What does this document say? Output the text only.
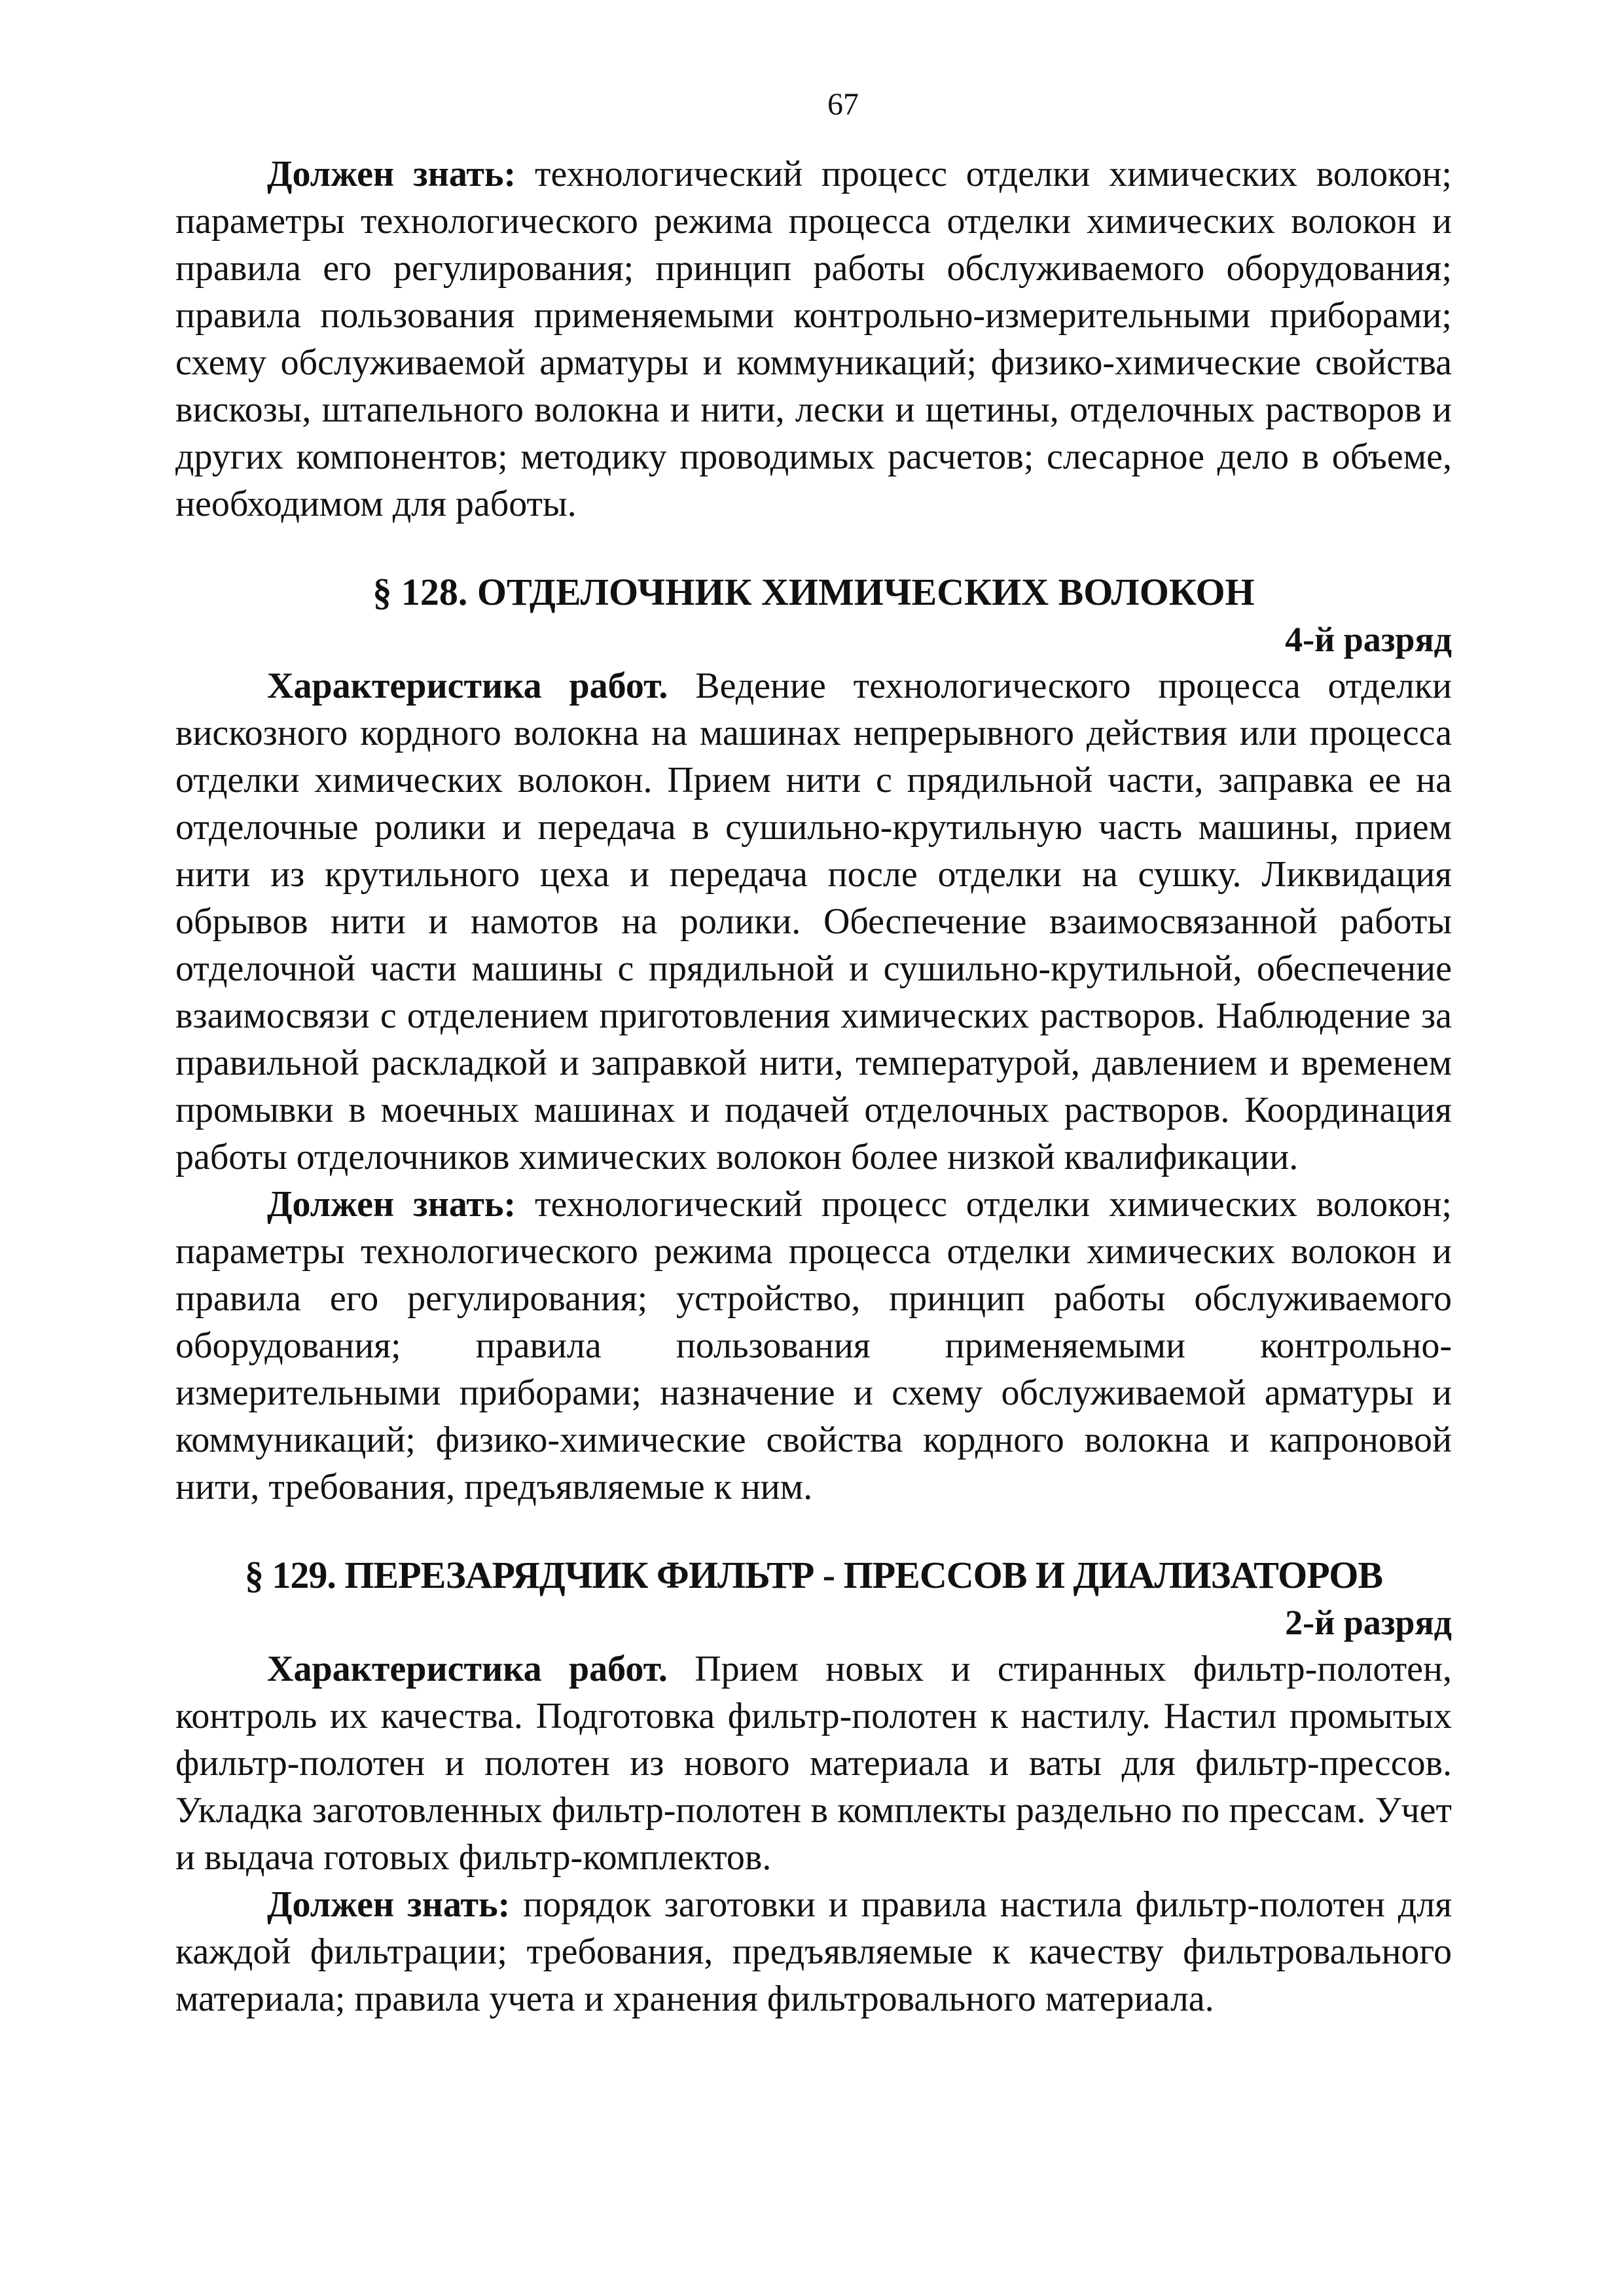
67

Должен знать: технологический процесс отделки химических волокон; параметры технологического режима процесса отделки химических волокон и правила его регулирования; принцип работы обслуживаемого оборудования; правила пользования применяемыми контрольно-измерительными приборами; схему обслуживаемой арматуры и коммуникаций; физико-химические свойства вискозы, штапельного волокна и нити, лески и щетины, отделочных растворов и других компонентов; методику проводимых расчетов; слесарное дело в объеме, необходимом для работы.

§ 128. ОТДЕЛОЧНИК ХИМИЧЕСКИХ ВОЛОКОН
4-й разряд

Характеристика работ. Ведение технологического процесса отделки вискозного кордного волокна на машинах непрерывного действия или процесса отделки химических волокон. Прием нити с прядильной части, заправка ее на отделочные ролики и передача в сушильно-крутильную часть машины, прием нити из крутильного цеха и передача после отделки на сушку. Ликвидация обрывов нити и намотов на ролики. Обеспечение взаимосвязанной работы отделочной части машины с прядильной и сушильно-крутильной, обеспечение взаимосвязи с отделением приготовления химических растворов. Наблюдение за правильной раскладкой и заправкой нити, температурой, давлением и временем промывки в моечных машинах и подачей отделочных растворов. Координация работы отделочников химических волокон более низкой квалификации.

Должен знать: технологический процесс отделки химических волокон; параметры технологического режима процесса отделки химических волокон и правила его регулирования; устройство, принцип работы обслуживаемого оборудования; правила пользования применяемыми контрольно-измерительными приборами; назначение и схему обслуживаемой арматуры и коммуникаций; физико-химические свойства кордного волокна и капроновой нити, требования, предъявляемые к ним.

§ 129. ПЕРЕЗАРЯДЧИК ФИЛЬТР - ПРЕССОВ И ДИАЛИЗАТОРОВ
2-й разряд

Характеристика работ. Прием новых и стиранных фильтр-полотен, контроль их качества. Подготовка фильтр-полотен к настилу. Настил промытых фильтр-полотен и полотен из нового материала и ваты для фильтр-прессов. Укладка заготовленных фильтр-полотен в комплекты раздельно по прессам. Учет и выдача готовых фильтр-комплектов.

Должен знать: порядок заготовки и правила настила фильтр-полотен для каждой фильтрации; требования, предъявляемые к качеству фильтровального материала; правила учета и хранения фильтровального материала.
